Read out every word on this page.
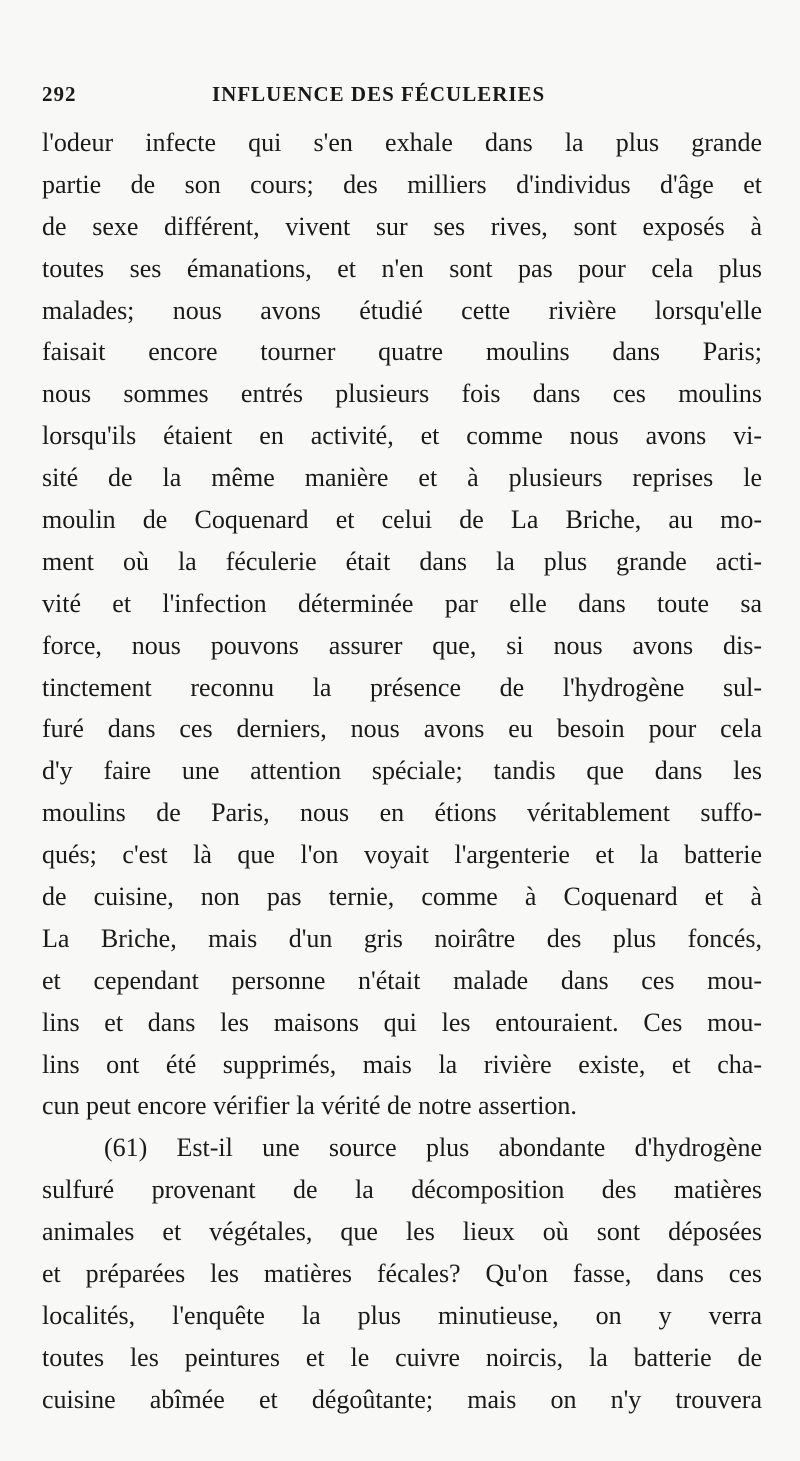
292	INFLUENCE DES FÉCULERIES
l'odeur infecte qui s'en exhale dans la plus grande
partie de son cours; des milliers d'individus d'âge et
de sexe différent, vivent sur ses rives, sont exposés à
toutes ses émanations, et n'en sont pas pour cela plus
malades; nous avons étudié cette rivière lorsqu'elle
faisait encore tourner quatre moulins dans Paris;
nous sommes entrés plusieurs fois dans ces moulins
lorsqu'ils étaient en activité, et comme nous avons vi-
sité de la même manière et à plusieurs reprises le
moulin de Coquenard et celui de La Briche, au mo-
ment où la féculerie était dans la plus grande acti-
vité et l'infection déterminée par elle dans toute sa
force, nous pouvons assurer que, si nous avons dis-
tinctement reconnu la présence de l'hydrogène sul-
furé dans ces derniers, nous avons eu besoin pour cela
d'y faire une attention spéciale; tandis que dans les
moulins de Paris, nous en étions véritablement suffo-
qués; c'est là que l'on voyait l'argenterie et la batterie
de cuisine, non pas ternie, comme à Coquenard et à
La Briche, mais d'un gris noirâtre des plus foncés,
et cependant personne n'était malade dans ces mou-
lins et dans les maisons qui les entouraient. Ces mou-
lins ont été supprimés, mais la rivière existe, et cha-
cun peut encore vérifier la vérité de notre assertion.
(61) Est-il une source plus abondante d'hydrogène
sulfuré provenant de la décomposition des matières
animales et végétales, que les lieux où sont déposées
et préparées les matières fécales? Qu'on fasse, dans ces
localités, l'enquête la plus minutieuse, on y verra
toutes les peintures et le cuivre noircis, la batterie de
cuisine abîmée et dégoûtante; mais on n'y trouvera
